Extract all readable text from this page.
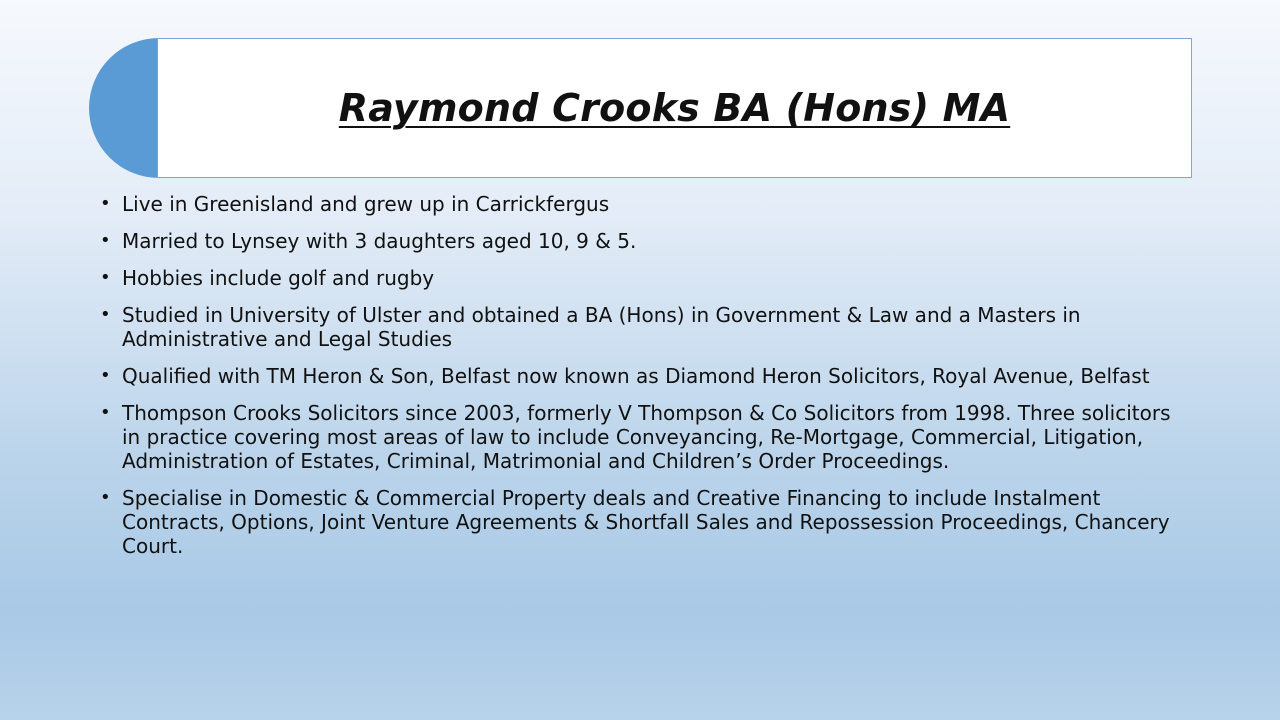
Raymond Crooks BA (Hons) MA
• Live in Greenisland and grew up in Carrickfergus
• Married to Lynsey with 3 daughters aged 10, 9 & 5.
• Hobbies include golf and rugby
• Studied in University of Ulster and obtained a BA (Hons) in Government & Law and a Masters in Administrative and Legal Studies
• Qualified with TM Heron & Son, Belfast now known as Diamond Heron Solicitors, Royal Avenue, Belfast
• Thompson Crooks Solicitors since 2003, formerly V Thompson & Co Solicitors from 1998. Three solicitors in practice covering most areas of law to include Conveyancing, Re-Mortgage, Commercial, Litigation, Administration of Estates, Criminal, Matrimonial and Children’s Order Proceedings.
• Specialise in Domestic & Commercial Property deals and Creative Financing to include Instalment Contracts, Options, Joint Venture Agreements & Shortfall Sales and Repossession Proceedings, Chancery Court.
